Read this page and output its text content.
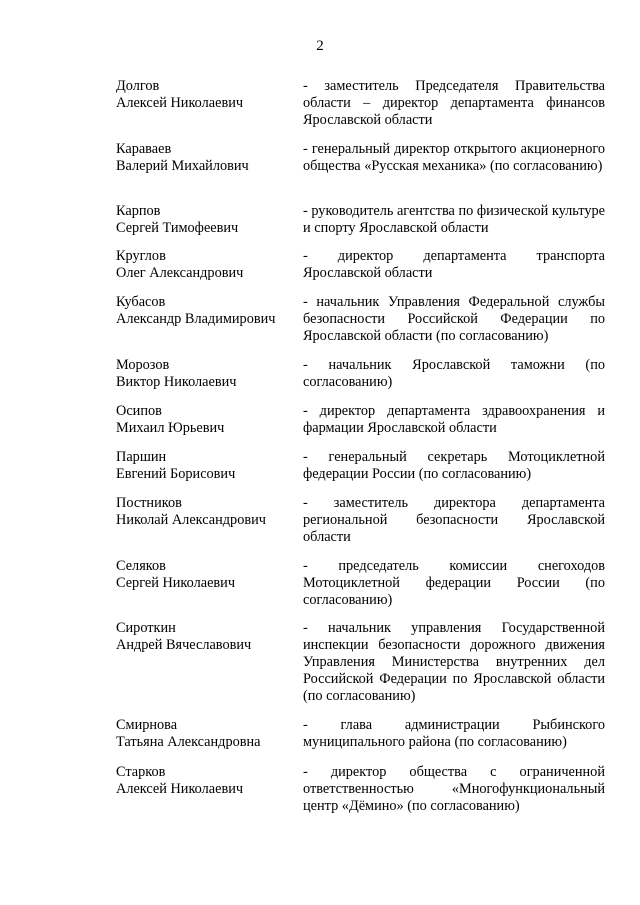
2
Долгов
Алексей Николаевич
- заместитель Председателя Правительства области – директор департамента финансов Ярославской области
Караваев
Валерий Михайлович
- генеральный директор открытого акционерного общества «Русская механика» (по согласованию)
Карпов
Сергей Тимофеевич
- руководитель агентства по физической культуре и спорту Ярославской области
Круглов
Олег Александрович
- директор департамента транспорта Ярославской области
Кубасов
Александр Владимирович
- начальник Управления Федеральной службы безопасности Российской Федерации по Ярославской области (по согласованию)
Морозов
Виктор Николаевич
- начальник Ярославской таможни (по согласованию)
Осипов
Михаил Юрьевич
- директор департамента здравоохранения и фармации Ярославской области
Паршин
Евгений Борисович
- генеральный секретарь Мотоциклетной федерации России (по согласованию)
Постников
Николай Александрович
- заместитель директора департамента региональной безопасности Ярославской области
Селяков
Сергей Николаевич
- председатель комиссии снегоходов Мотоциклетной федерации России (по согласованию)
Сироткин
Андрей Вячеславович
- начальник управления Государственной инспекции безопасности дорожного движения Управления Министерства внутренних дел Российской Федерации по Ярославской области (по согласованию)
Смирнова
Татьяна Александровна
- глава администрации Рыбинского муниципального района (по согласованию)
Старков
Алексей Николаевич
- директор общества с ограниченной ответственностью «Многофункциональный центр «Дёмино» (по согласованию)
